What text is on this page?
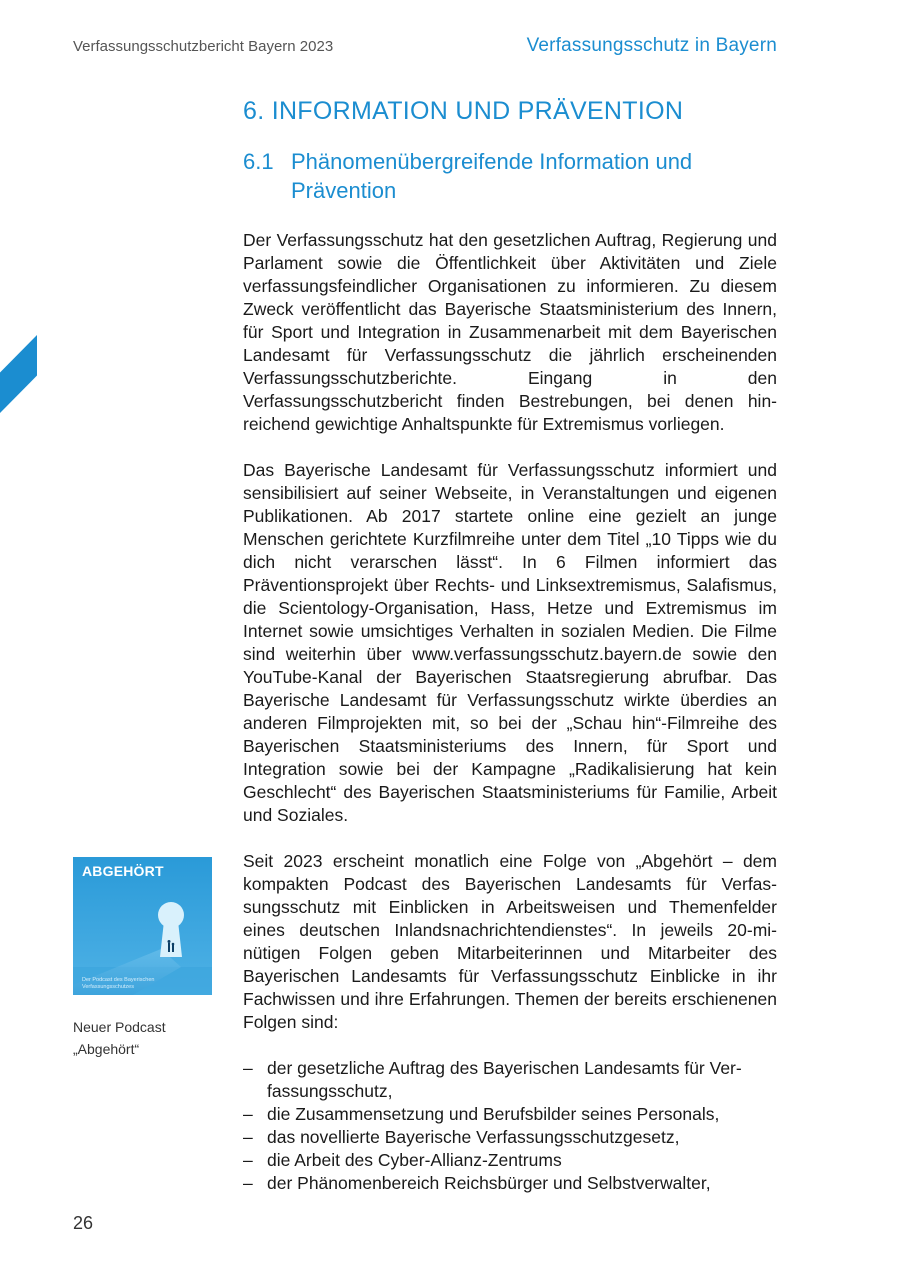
Verfassungsschutzbericht Bayern 2023	Verfassungsschutz in Bayern
6. INFORMATION UND PRÄVENTION
6.1 Phänomenübergreifende Information und
Prävention

Der Verfassungsschutz hat den gesetzlichen Auftrag, Regierung und Parlament sowie die Öffentlichkeit über Aktivitäten und Ziele verfassungsfeindlicher Organisationen zu informieren. Zu diesem Zweck veröffentlicht das Bayerische Staatsministerium des Innern, für Sport und Integration in Zusammenarbeit mit dem Bayerischen Landesamt für Verfassungsschutz die jährlich erscheinenden Verfassungsschutzberichte. Eingang in den Verfassungsschutzbericht finden Bestrebungen, bei denen hinreichend gewichtige Anhaltspunkte für Extremismus vorliegen.

Das Bayerische Landesamt für Verfassungsschutz informiert und sensibilisiert auf seiner Webseite, in Veranstaltungen und eigenen Publikationen. Ab 2017 startete online eine gezielt an junge Menschen gerichtete Kurzfilmreihe unter dem Titel „10 Tipps wie du dich nicht verarschen lässt“. In 6 Filmen informiert das Präventionsprojekt über Rechts- und Linksextremismus, Salafismus, die Scientology-Organisation, Hass, Hetze und Extremismus im Internet sowie umsichtiges Verhalten in sozialen Medien. Die Filme sind weiterhin über www.verfassungsschutz.​bayern.de sowie den YouTube-Kanal der Bayerischen Staatsregierung abrufbar. Das Bayerische Landesamt für Verfassungsschutz wirkte überdies an anderen Filmprojekten mit, so bei der „Schau hin“-Filmreihe des Bayerischen Staatsministeriums des Innern, für Sport und Integration sowie bei der Kampagne „Radikalisierung hat kein Geschlecht“ des Bayerischen Staatsministeriums für Familie, Arbeit und Soziales.

Seit 2023 erscheint monatlich eine Folge von „Abgehört – dem kompakten Podcast des Bayerischen Landesamts für Verfassungsschutz mit Einblicken in Arbeitsweisen und Themenfelder eines deutschen Inlandsnachrichtendienstes“. In jeweils 20-minütigen Folgen geben Mitarbeiterinnen und Mitarbeiter des Bayerischen Landesamts für Verfassungsschutz Einblicke in ihr Fachwissen und ihre Erfahrungen. Themen der bereits erschienenen Folgen sind:

– der gesetzliche Auftrag des Bayerischen Landesamts für Verfassungsschutz,
– die Zusammensetzung und Berufsbilder seines Personals,
– das novellierte Bayerische Verfassungsschutzgesetz,
– die Arbeit des Cyber-Allianz-Zentrums
– der Phänomenbereich Reichsbürger und Selbstverwalter,
ABGEHÖRT
Der Podcast des Bayerischen Verfassungsschutzes
Neuer Podcast
„Abgehört“
26
